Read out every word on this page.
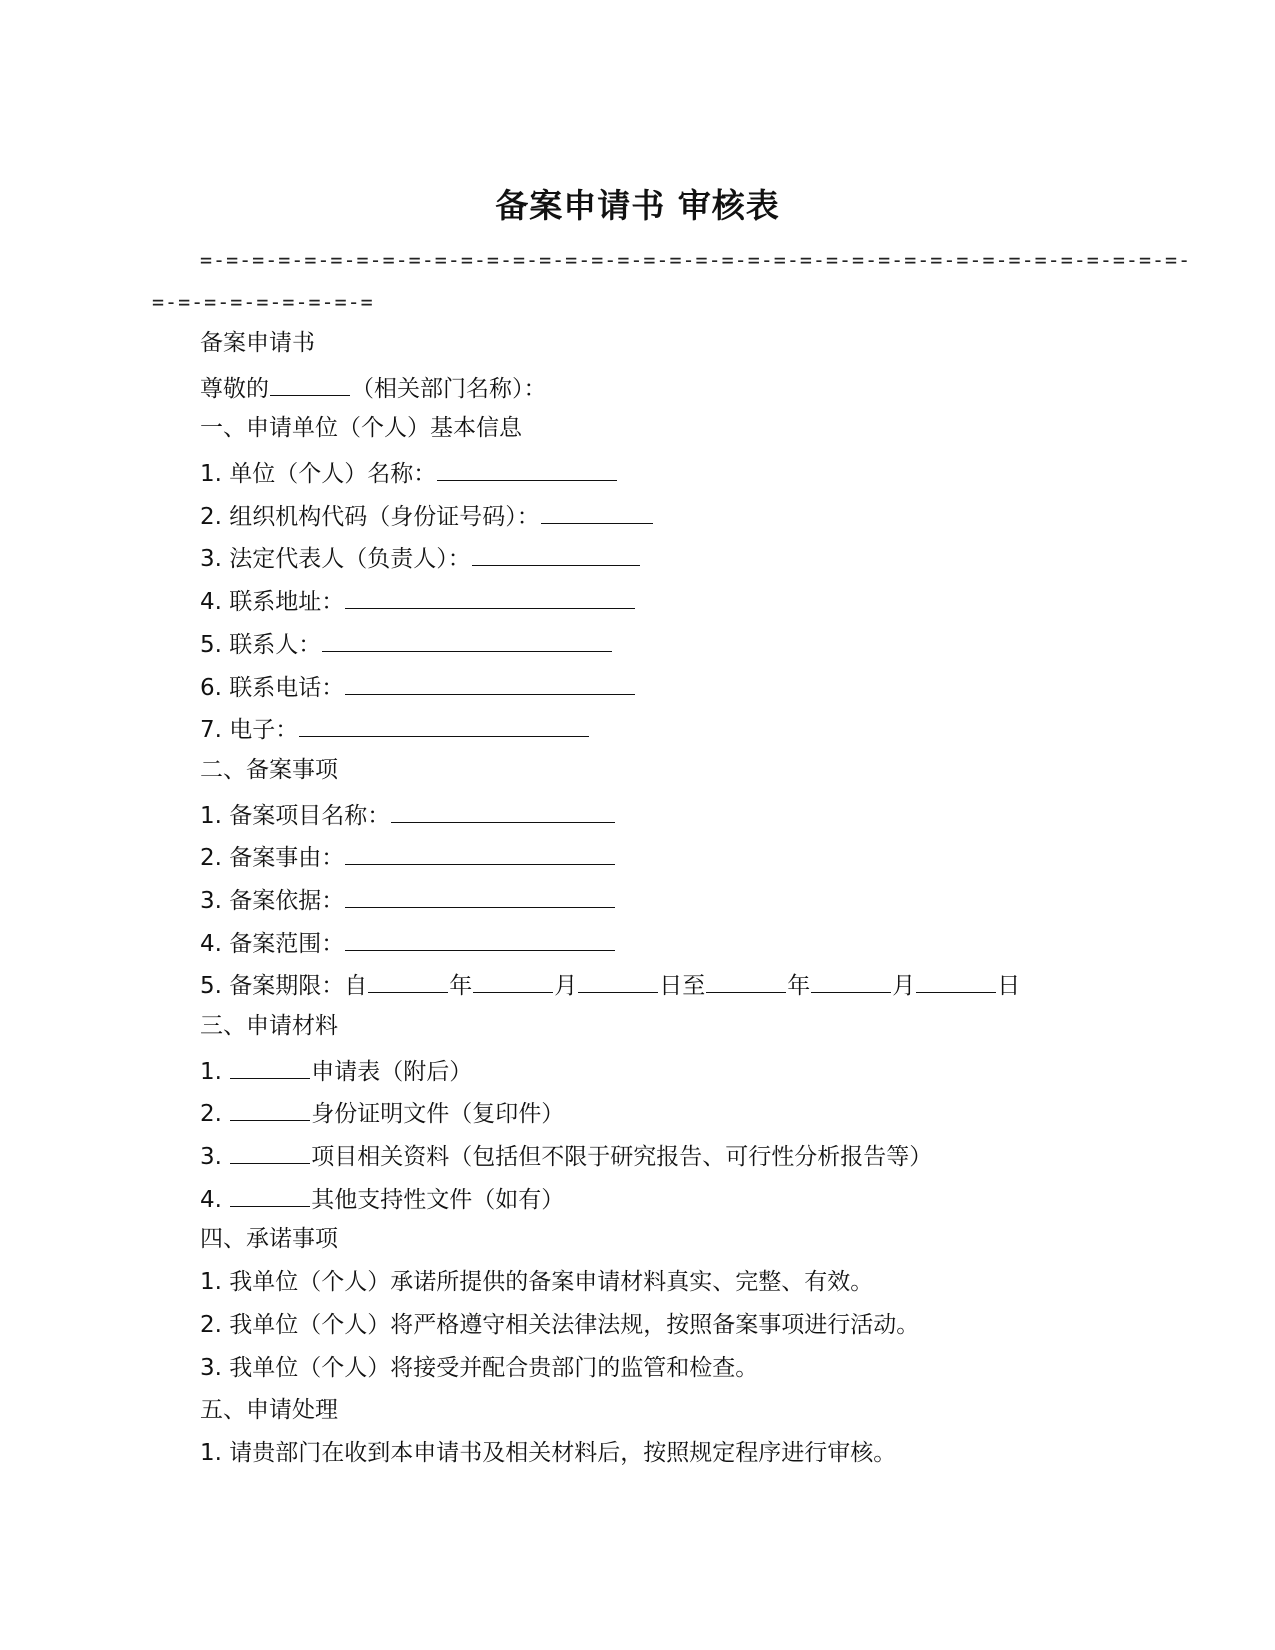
备案申请书 审核表
=-=-=-=-=-=-=-=-=-=-=-=-=-=-=-=-=-=-=-=-=-=-=-=-=-=-=-=-=-=-=-=-=-=-=-=-=-=-
=-=-=-=-=-=-=-=-=
备案申请书
尊敬的	（相关部门名称）：
一、申请单位（个人）基本信息
1. 单位（个人）名称：
2. 组织机构代码（身份证号码）：
3. 法定代表人（负责人）：
4. 联系地址：
5. 联系人：
6. 联系电话：
7. 电子：
二、备案事项
1. 备案项目名称：
2. 备案事由：
3. 备案依据：
4. 备案范围：
5. 备案期限：自	年	月	日至	年	月	日
三、申请材料
1.	申请表（附后）
2.	身份证明文件（复印件）
3.	项目相关资料（包括但不限于研究报告、可行性分析报告等）
4.	其他支持性文件（如有）
四、承诺事项
1. 我单位（个人）承诺所提供的备案申请材料真实、完整、有效。
2. 我单位（个人）将严格遵守相关法律法规，按照备案事项进行活动。
3. 我单位（个人）将接受并配合贵部门的监管和检查。
五、申请处理
1. 请贵部门在收到本申请书及相关材料后，按照规定程序进行审核。
